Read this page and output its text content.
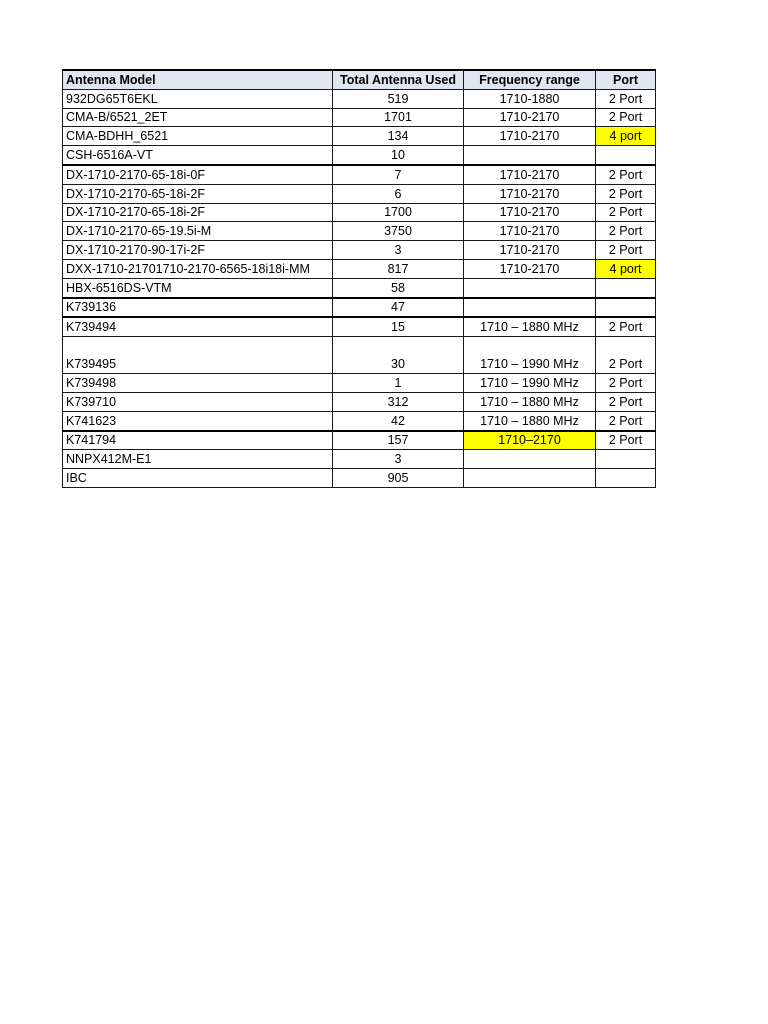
Antenna Model	Total Antenna Used	Frequency range	Port
932DG65T6EKL	519	1710-1880	2 Port
CMA-B/6521_2ET	1701	1710-2170	2 Port
CMA-BDHH_6521	134	1710-2170	4 port
CSH-6516A-VT	10		
DX-1710-2170-65-18i-0F	7	1710-2170	2 Port
DX-1710-2170-65-18i-2F	6	1710-2170	2 Port
DX-1710-2170-65-18i-2F	1700	1710-2170	2 Port
DX-1710-2170-65-19.5i-M	3750	1710-2170	2 Port
DX-1710-2170-90-17i-2F	3	1710-2170	2 Port
DXX-1710-21701710-2170-6565-18i18i-MM	817	1710-2170	4 port
HBX-6516DS-VTM	58		
K739136	47		
K739494	15	1710 – 1880 MHz	2 Port
K739495	30	1710 – 1990 MHz	2 Port
K739498	1	1710 – 1990 MHz	2 Port
K739710	312	1710 – 1880 MHz	2 Port
K741623	42	1710 – 1880 MHz	2 Port
K741794	157	1710–2170	2 Port
NNPX412M-E1	3		
IBC	905		
